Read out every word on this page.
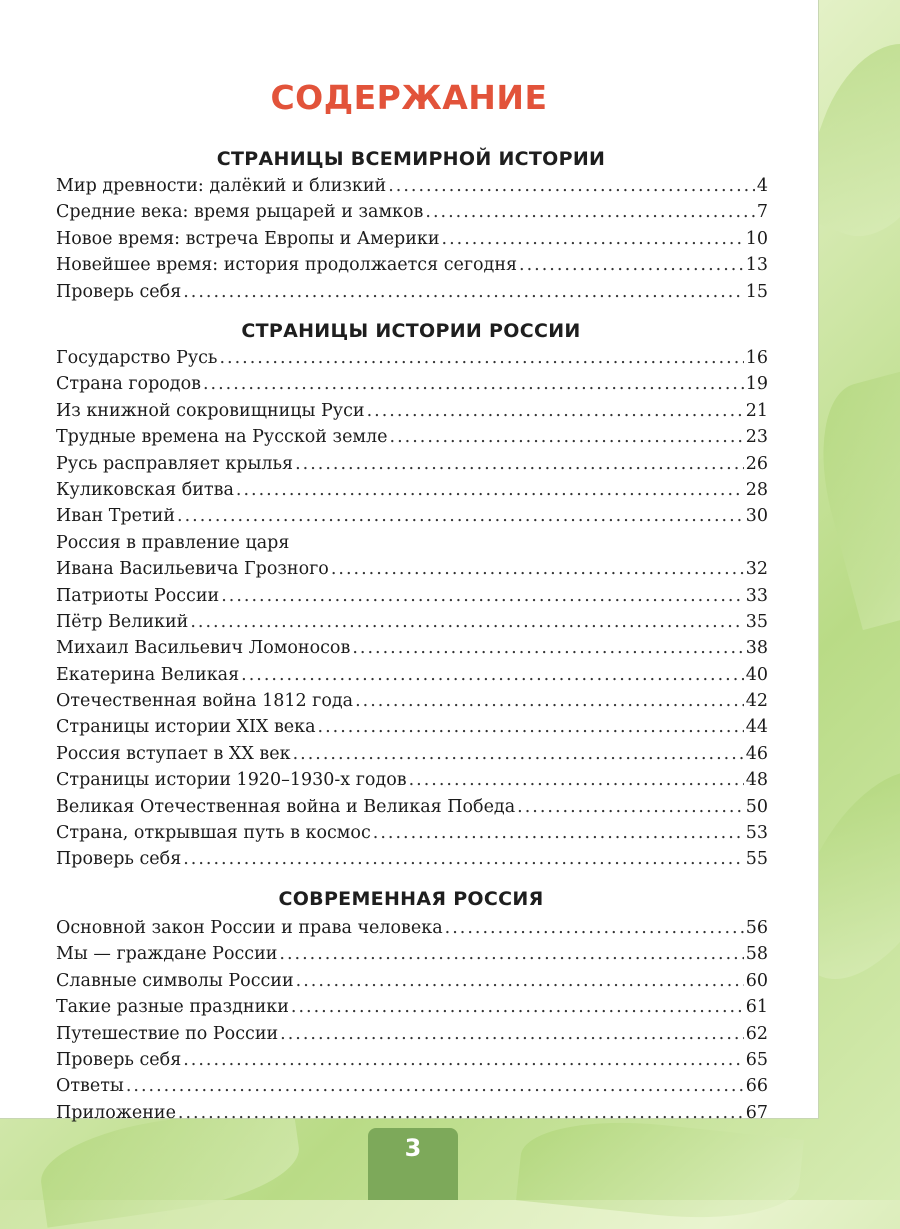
СОДЕРЖАНИЕ
СТРАНИЦЫ ВСЕМИРНОЙ ИСТОРИИ
Мир древности: далёкий и близкий .....	4
Средние века: время рыцарей и замков .....	7
Новое время: встреча Европы и Америки .....	10
Новейшее время: история продолжается сегодня .....	13
Проверь себя .....	15
СТРАНИЦЫ ИСТОРИИ РОССИИ
Государство Русь .....	16
Страна городов .....	19
Из книжной сокровищницы Руси .....	21
Трудные времена на Русской земле .....	23
Русь расправляет крылья .....	26
Куликовская битва .....	28
Иван Третий .....	30
Россия в правление царя
Ивана Васильевича Грозного .....	32
Патриоты России .....	33
Пётр Великий .....	35
Михаил Васильевич Ломоносов .....	38
Екатерина Великая .....	40
Отечественная война 1812 года .....	42
Страницы истории XIX века .....	44
Россия вступает в XX век .....	46
Страницы истории 1920–1930-х годов .....	48
Великая Отечественная война и Великая Победа .....	50
Страна, открывшая путь в космос .....	53
Проверь себя .....	55
СОВРЕМЕННАЯ РОССИЯ
Основной закон России и права человека .....	56
Мы — граждане России .....	58
Славные символы России .....	60
Такие разные праздники .....	61
Путешествие по России .....	62
Проверь себя .....	65
Ответы .....	66
Приложение .....	67
3
